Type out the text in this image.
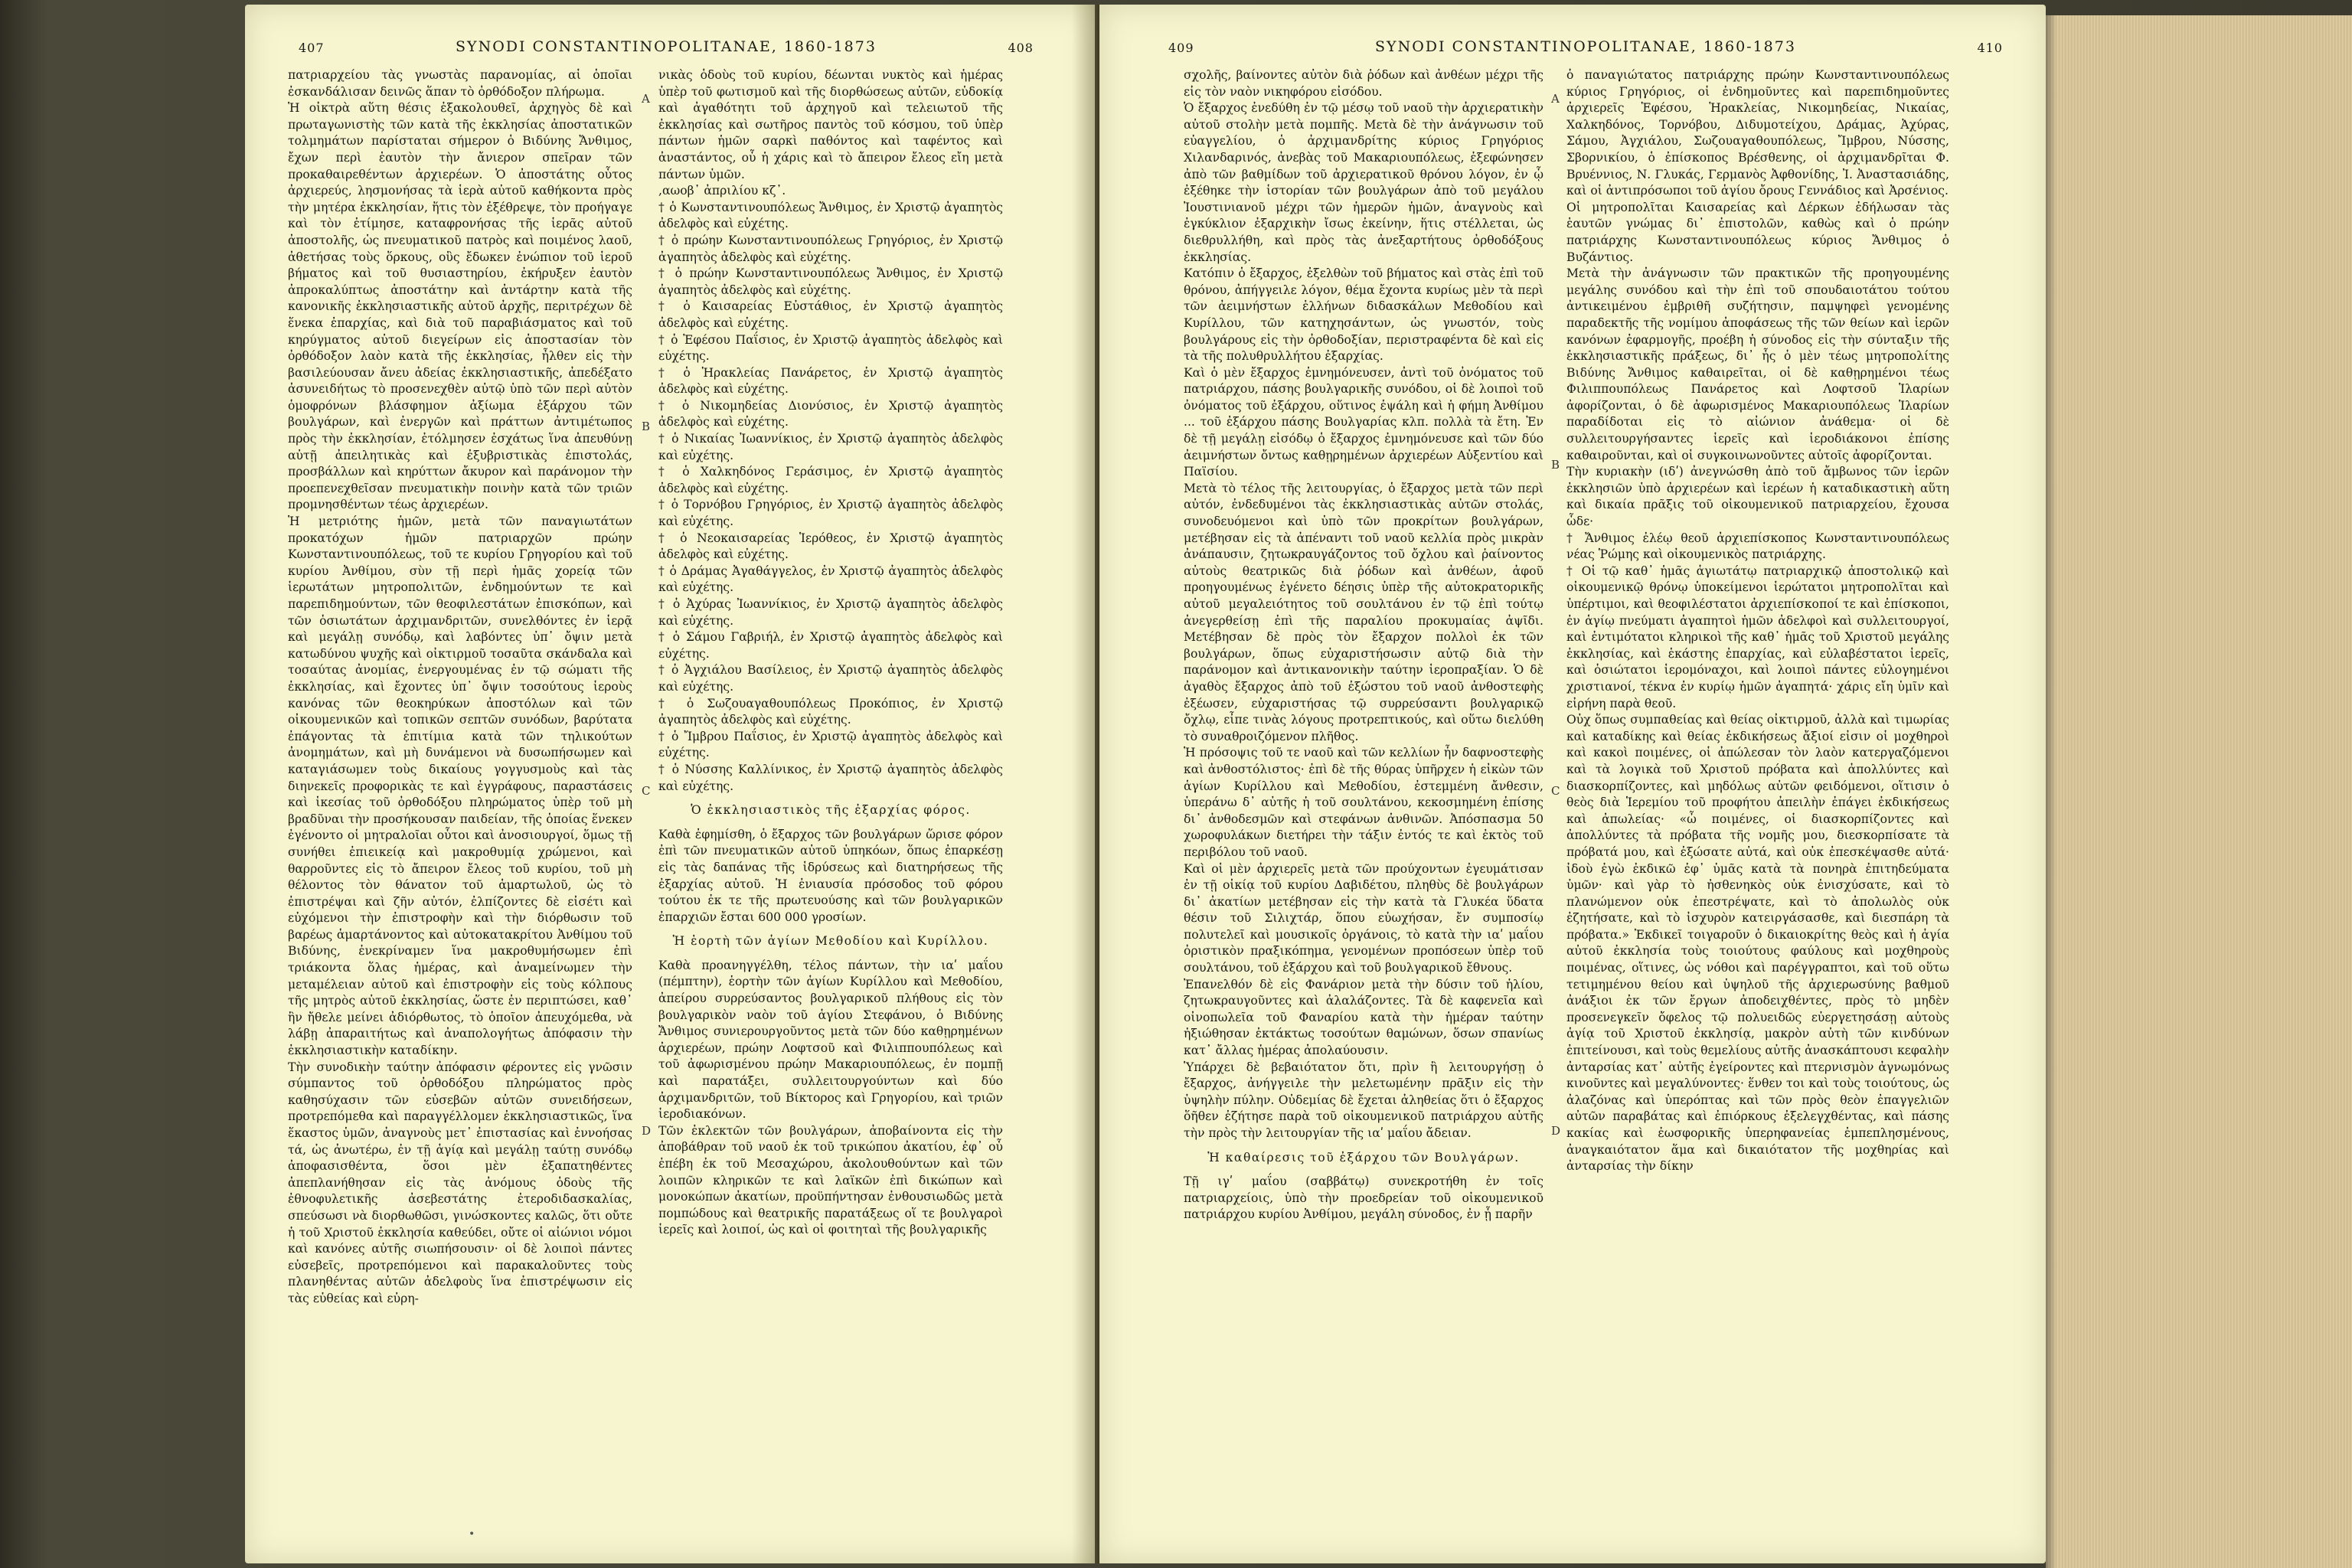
407	SYNODI CONSTANTINOPOLITANAE, 1860-1873	408
πατριαρχείου τὰς γνωστὰς παρανομίας, αἱ ὁποῖαι ἐσκανδάλισαν δεινῶς ἅπαν τὸ ὀρθόδοξον πλήρωμα.
Ἡ οἰκτρὰ αὕτη θέσις ἐξακολουθεῖ, ἀρχηγὸς δὲ καὶ πρωταγωνιστὴς τῶν κατὰ τῆς ἐκκλησίας ἀποστατικῶν τολμημάτων παρίσταται σήμερον ὁ Βιδύνης Ἄνθιμος, ἔχων περὶ ἑαυτὸν τὴν ἄνιερον σπεῖραν τῶν προκαθαιρεθέντων ἀρχιερέων. Ὁ ἀποστάτης οὗτος ἀρχιερεύς, λησμονήσας τὰ ἱερὰ αὐτοῦ καθήκοντα πρὸς τὴν μητέρα ἐκκλησίαν, ἥτις τὸν ἐξέθρεψε, τὸν προήγαγε καὶ τὸν ἐτίμησε, καταφρονήσας τῆς ἱερᾶς αὐτοῦ ἀποστολῆς, ὡς πνευματικοῦ πατρὸς καὶ ποιμένος λαοῦ, ἀθετήσας τοὺς ὅρκους, οὓς ἔδωκεν ἐνώπιον τοῦ ἱεροῦ βήματος καὶ τοῦ θυσιαστηρίου, ἐκήρυξεν ἑαυτὸν ἀπροκαλύπτως ἀποστάτην καὶ ἀντάρτην κατὰ τῆς κανονικῆς ἐκκλησιαστικῆς αὐτοῦ ἀρχῆς, περιτρέχων δὲ ἕνεκα ἐπαρχίας, καὶ διὰ τοῦ παραβιάσματος καὶ τοῦ κηρύγματος αὐτοῦ διεγείρων εἰς ἀποστασίαν τὸν ὀρθόδοξον λαὸν κατὰ τῆς ἐκκλησίας, ἦλθεν εἰς τὴν βασιλεύουσαν ἄνευ ἀδείας ἐκκλησιαστικῆς, ἀπεδέξατο ἀσυνειδήτως τὸ προσενεχθὲν αὐτῷ ὑπὸ τῶν περὶ αὐτὸν ὁμοφρόνων βλάσφημον ἀξίωμα ἐξάρχου τῶν βουλγάρων, καὶ ἐνεργῶν καὶ πράττων ἀντιμέτωπος πρὸς τὴν ἐκκλησίαν, ἐτόλμησεν ἐσχάτως ἵνα ἀπευθύνῃ αὐτῇ ἀπειλητικὰς καὶ ἐξυβριστικὰς ἐπιστολάς, προσβάλλων καὶ κηρύττων ἄκυρον καὶ παράνομον τὴν προεπενεχθεῖσαν πνευματικὴν ποινὴν κατὰ τῶν τριῶν προμνησθέντων τέως ἀρχιερέων.
Ἡ μετριότης ἡμῶν, μετὰ τῶν παναγιωτάτων προκατόχων ἡμῶν πατριαρχῶν πρώην Κωνσταντινουπόλεως, τοῦ τε κυρίου Γρηγορίου καὶ τοῦ κυρίου Ἀνθίμου, σὺν τῇ περὶ ἡμᾶς χορείᾳ τῶν ἱερωτάτων μητροπολιτῶν, ἐνδημούντων τε καὶ παρεπιδημούντων, τῶν θεοφιλεστάτων ἐπισκόπων, καὶ τῶν ὁσιωτάτων ἀρχιμανδριτῶν, συνελθόντες ἐν ἱερᾷ καὶ μεγάλῃ συνόδῳ, καὶ λαβόντες ὑπ᾽ ὄψιν μετὰ κατωδύνου ψυχῆς καὶ οἰκτιρμοῦ τοσαῦτα σκάνδαλα καὶ τοσαύτας ἀνομίας, ἐνεργουμένας ἐν τῷ σώματι τῆς ἐκκλησίας, καὶ ἔχοντες ὑπ᾽ ὄψιν τοσούτους ἱεροὺς κανόνας τῶν θεοκηρύκων ἀποστόλων καὶ τῶν οἰκουμενικῶν καὶ τοπικῶν σεπτῶν συνόδων, βαρύτατα ἐπάγοντας τὰ ἐπιτίμια κατὰ τῶν τηλικούτων ἀνομημάτων, καὶ μὴ δυνάμενοι νὰ δυσωπήσωμεν καὶ καταγιάσωμεν τοὺς δικαίους γογγυσμοὺς καὶ τὰς διηνεκεῖς προφορικὰς τε καὶ ἐγγράφους, παραστάσεις καὶ ἱκεσίας τοῦ ὀρθοδόξου πληρώματος ὑπὲρ τοῦ μὴ βραδῦναι τὴν προσήκουσαν παιδείαν, τῆς ὁποίας ἕνεκεν ἐγένοντο οἱ μητραλοῖαι οὗτοι καὶ ἀνοσιουργοί, ὅμως τῇ συνήθει ἐπιεικείᾳ καὶ μακροθυμίᾳ χρώμενοι, καὶ θαρροῦντες εἰς τὸ ἄπειρον ἔλεος τοῦ κυρίου, τοῦ μὴ θέλοντος τὸν θάνατον τοῦ ἁμαρτωλοῦ, ὡς τὸ ἐπιστρέψαι καὶ ζῆν αὐτόν, ἐλπίζοντες δὲ εἰσέτι καὶ εὐχόμενοι τὴν ἐπιστροφὴν καὶ τὴν διόρθωσιν τοῦ βαρέως ἁμαρτάνοντος καὶ αὐτοκατακρίτου Ἀνθίμου τοῦ Βιδύνης, ἐνεκρίναμεν ἵνα μακροθυμήσωμεν ἐπὶ τριάκοντα ὅλας ἡμέρας, καὶ ἀναμείνωμεν τὴν μεταμέλειαν αὐτοῦ καὶ ἐπιστροφὴν εἰς τοὺς κόλπους τῆς μητρὸς αὐτοῦ ἐκκλησίας, ὥστε ἐν περιπτώσει, καθ᾽ ἣν ἤθελε μείνει ἀδιόρθωτος, τὸ ὁποῖον ἀπευχόμεθα, νὰ λάβῃ ἀπαραιτήτως καὶ ἀναπολογήτως ἀπόφασιν τὴν ἐκκλησιαστικὴν καταδίκην.
Τὴν συνοδικὴν ταύτην ἀπόφασιν φέροντες εἰς γνῶσιν σύμπαντος τοῦ ὀρθοδόξου πληρώματος πρὸς καθησύχασιν τῶν εὐσεβῶν αὐτῶν συνειδήσεων, προτρεπόμεθα καὶ παραγγέλλομεν ἐκκλησιαστικῶς, ἵνα ἕκαστος ὑμῶν, ἀναγνοὺς μετ᾽ ἐπιστασίας καὶ ἐννοήσας τά, ὡς ἀνωτέρω, ἐν τῇ ἁγίᾳ καὶ μεγάλῃ ταύτῃ συνόδῳ ἀποφασισθέντα, ὅσοι μὲν ἐξαπατηθέντες ἀπεπλανήθησαν εἰς τὰς ἀνόμους ὁδοὺς τῆς ἐθνοφυλετικῆς ἀσεβεστάτης ἑτεροδιδασκαλίας, σπεύσωσι νὰ διορθωθῶσι, γινώσκοντες καλῶς, ὅτι οὔτε ἡ τοῦ Χριστοῦ ἐκκλησία καθεύδει, οὔτε οἱ αἰώνιοι νόμοι καὶ κανόνες αὐτῆς σιωπήσουσιν· οἱ δὲ λοιποὶ πάντες εὐσεβεῖς, προτρεπόμενοι καὶ παρακαλοῦντες τοὺς πλανηθέντας αὐτῶν ἀδελφοὺς ἵνα ἐπιστρέψωσιν εἰς τὰς εὐθείας καὶ εὐρη-
νικὰς ὁδοὺς τοῦ κυρίου, δέωνται νυκτὸς καὶ ἡμέρας ὑπὲρ τοῦ φωτισμοῦ καὶ τῆς διορθώσεως αὐτῶν, εὐδοκίᾳ καὶ ἀγαθότητι τοῦ ἀρχηγοῦ καὶ τελειωτοῦ τῆς ἐκκλησίας καὶ σωτῆρος παντὸς τοῦ κόσμου, τοῦ ὑπὲρ πάντων ἡμῶν σαρκὶ παθόντος καὶ ταφέντος καὶ ἀναστάντος, οὗ ἡ χάρις καὶ τὸ ἄπειρον ἔλεος εἴη μετὰ πάντων ὑμῶν.
,αωοβ᾽ ἀπριλίου κζ᾽.
† ὁ Κωνσταντινουπόλεως Ἄνθιμος, ἐν Χριστῷ ἀγαπητὸς ἀδελφὸς καὶ εὐχέτης.
† ὁ πρώην Κωνσταντινουπόλεως Γρηγόριος, ἐν Χριστῷ ἀγαπητὸς ἀδελφὸς καὶ εὐχέτης.
† ὁ πρώην Κωνσταντινουπόλεως Ἄνθιμος, ἐν Χριστῷ ἀγαπητὸς ἀδελφὸς καὶ εὐχέτης.
† ὁ Καισαρείας Εὐστάθιος, ἐν Χριστῷ ἀγαπητὸς ἀδελφὸς καὶ εὐχέτης.
† ὁ Ἐφέσου Παΐσιος, ἐν Χριστῷ ἀγαπητὸς ἀδελφὸς καὶ εὐχέτης.
† ὁ Ἡρακλείας Πανάρετος, ἐν Χριστῷ ἀγαπητὸς ἀδελφὸς καὶ εὐχέτης.
† ὁ Νικομηδείας Διονύσιος, ἐν Χριστῷ ἀγαπητὸς ἀδελφὸς καὶ εὐχέτης.
† ὁ Νικαίας Ἰωαννίκιος, ἐν Χριστῷ ἀγαπητὸς ἀδελφὸς καὶ εὐχέτης.
† ὁ Χαλκηδόνος Γεράσιμος, ἐν Χριστῷ ἀγαπητὸς ἀδελφὸς καὶ εὐχέτης.
† ὁ Τορνόβου Γρηγόριος, ἐν Χριστῷ ἀγαπητὸς ἀδελφὸς καὶ εὐχέτης.
† ὁ Νεοκαισαρείας Ἱερόθεος, ἐν Χριστῷ ἀγαπητὸς ἀδελφὸς καὶ εὐχέτης.
† ὁ Δράμας Ἀγαθάγγελος, ἐν Χριστῷ ἀγαπητὸς ἀδελφὸς καὶ εὐχέτης.
† ὁ Ἀχύρας Ἰωαννίκιος, ἐν Χριστῷ ἀγαπητὸς ἀδελφὸς καὶ εὐχέτης.
† ὁ Σάμου Γαβριήλ, ἐν Χριστῷ ἀγαπητὸς ἀδελφὸς καὶ εὐχέτης.
† ὁ Ἀγχιάλου Βασίλειος, ἐν Χριστῷ ἀγαπητὸς ἀδελφὸς καὶ εὐχέτης.
† ὁ Σωζουαγαθουπόλεως Προκόπιος, ἐν Χριστῷ ἀγαπητὸς ἀδελφὸς καὶ εὐχέτης.
† ὁ Ἴμβρου Παΐσιος, ἐν Χριστῷ ἀγαπητὸς ἀδελφὸς καὶ εὐχέτης.
† ὁ Νύσσης Καλλίνικος, ἐν Χριστῷ ἀγαπητὸς ἀδελφὸς καὶ εὐχέτης.
Ὁ ἐκκλησιαστικὸς τῆς ἐξαρχίας φόρος.
Καθὰ ἐφημίσθη, ὁ ἔξαρχος τῶν βουλγάρων ὥρισε φόρον ἐπὶ τῶν πνευματικῶν αὐτοῦ ὑπηκόων, ὅπως ἐπαρκέσῃ εἰς τὰς δαπάνας τῆς ἱδρύσεως καὶ διατηρήσεως τῆς ἐξαρχίας αὐτοῦ. Ἡ ἐνιαυσία πρόσοδος τοῦ φόρου τούτου ἐκ τε τῆς πρωτευούσης καὶ τῶν βουλγαρικῶν ἐπαρχιῶν ἔσται 600 000 γροσίων.
Ἡ ἑορτὴ τῶν ἁγίων Μεθοδίου καὶ Κυρίλλου.
Καθὰ προανηγγέλθη, τέλος πάντων, τὴν ιαʹ μαΐου (πέμπτην), ἑορτὴν τῶν ἁγίων Κυρίλλου καὶ Μεθοδίου, ἀπείρου συρρεύσαντος βουλγαρικοῦ πλήθους εἰς τὸν βουλγαρικὸν ναὸν τοῦ ἁγίου Στεφάνου, ὁ Βιδύνης Ἄνθιμος συνιερουργοῦντος μετὰ τῶν δύο καθῃρημένων ἀρχιερέων, πρώην Λοφτσοῦ καὶ Φιλιππουπόλεως καὶ τοῦ ἀφωρισμένου πρώην Μακαριουπόλεως, ἐν πομπῇ καὶ παρατάξει, συλλειτουργούντων καὶ δύο ἀρχιμανδριτῶν, τοῦ Βίκτορος καὶ Γρηγορίου, καὶ τριῶν ἱεροδιακόνων.
Τῶν ἐκλεκτῶν τῶν βουλγάρων, ἀποβαίνοντα εἰς τὴν ἀποβάθραν τοῦ ναοῦ ἐκ τοῦ τρικώπου ἀκατίου, ἐφ᾽ οὗ ἐπέβη ἐκ τοῦ Μεσαχώρου, ἀκολουθούντων καὶ τῶν λοιπῶν κληρικῶν τε καὶ λαϊκῶν ἐπὶ δικώπων καὶ μονοκώπων ἀκατίων, προϋπήντησαν ἐνθουσιωδῶς μετὰ πομπώδους καὶ θεατρικῆς παρατάξεως οἵ τε βουλγαροὶ ἱερεῖς καὶ λοιποί, ὡς καὶ οἱ φοιτηταὶ τῆς βουλγαρικῆς
A
B
C
D
•
409	SYNODI CONSTANTINOPOLITANAE, 1860-1873	410
σχολῆς, βαίνοντες αὐτὸν διὰ ῥόδων καὶ ἀνθέων μέχρι τῆς εἰς τὸν ναὸν νικηφόρου εἰσόδου.
Ὁ ἔξαρχος ἐνεδύθη ἐν τῷ μέσῳ τοῦ ναοῦ τὴν ἀρχιερατικὴν αὐτοῦ στολὴν μετὰ πομπῆς. Μετὰ δὲ τὴν ἀνάγνωσιν τοῦ εὐαγγελίου, ὁ ἀρχιμανδρίτης κύριος Γρηγόριος Χιλανδαρινός, ἀνεβὰς τοῦ Μακαριουπόλεως, ἐξεφώνησεν ἀπὸ τῶν βαθμίδων τοῦ ἀρχιερατικοῦ θρόνου λόγον, ἐν ᾧ ἐξέθηκε τὴν ἱστορίαν τῶν βουλγάρων ἀπὸ τοῦ μεγάλου Ἰουστινιανοῦ μέχρι τῶν ἡμερῶν ἡμῶν, ἀναγνοὺς καὶ ἐγκύκλιον ἐξαρχικὴν ἴσως ἐκείνην, ἥτις στέλλεται, ὡς διεθρυλλήθη, καὶ πρὸς τὰς ἀνεξαρτήτους ὀρθοδόξους ἐκκλησίας.
Κατόπιν ὁ ἔξαρχος, ἐξελθὼν τοῦ βήματος καὶ στὰς ἐπὶ τοῦ θρόνου, ἀπήγγειλε λόγον, θέμα ἔχοντα κυρίως μὲν τὰ περὶ τῶν ἀειμνήστων ἑλλήνων διδασκάλων Μεθοδίου καὶ Κυρίλλου, τῶν κατηχησάντων, ὡς γνωστόν, τοὺς βουλγάρους εἰς τὴν ὀρθοδοξίαν, περιστραφέντα δὲ καὶ εἰς τὰ τῆς πολυθρυλλήτου ἐξαρχίας.
Καὶ ὁ μὲν ἔξαρχος ἐμνημόνευσεν, ἀντὶ τοῦ ὀνόματος τοῦ πατριάρχου, πάσης βουλγαρικῆς συνόδου, οἱ δὲ λοιποὶ τοῦ ὀνόματος τοῦ ἐξάρχου, οὕτινος ἐψάλη καὶ ἡ φήμη Ἀνθίμου ... τοῦ ἐξάρχου πάσης Βουλγαρίας κλπ. πολλὰ τὰ ἔτη. Ἐν δὲ τῇ μεγάλῃ εἰσόδῳ ὁ ἔξαρχος ἐμνημόνευσε καὶ τῶν δύο ἀειμνήστων ὄντως καθῃρημένων ἀρχιερέων Αὐξεντίου καὶ Παϊσίου.
Μετὰ τὸ τέλος τῆς λειτουργίας, ὁ ἔξαρχος μετὰ τῶν περὶ αὐτόν, ἐνδεδυμένοι τὰς ἐκκλησιαστικὰς αὐτῶν στολάς, συνοδευόμενοι καὶ ὑπὸ τῶν προκρίτων βουλγάρων, μετέβησαν εἰς τὰ ἀπέναντι τοῦ ναοῦ κελλία πρὸς μικρὰν ἀνάπαυσιν, ζητωκραυγάζοντος τοῦ ὄχλου καὶ ῥαίνοντος αὐτοὺς θεατρικῶς διὰ ῥόδων καὶ ἀνθέων, ἀφοῦ προηγουμένως ἐγένετο δέησις ὑπὲρ τῆς αὐτοκρατορικῆς αὐτοῦ μεγαλειότητος τοῦ σουλτάνου ἐν τῷ ἐπὶ τούτῳ ἀνεγερθείσῃ ἐπὶ τῆς παραλίου προκυμαίας ἀψῖδι. Μετέβησαν δὲ πρὸς τὸν ἔξαρχον πολλοὶ ἐκ τῶν βουλγάρων, ὅπως εὐχαριστήσωσιν αὐτῷ διὰ τὴν παράνομον καὶ ἀντικανονικὴν ταύτην ἱεροπραξίαν. Ὁ δὲ ἀγαθὸς ἔξαρχος ἀπὸ τοῦ ἐξώστου τοῦ ναοῦ ἀνθοστεφὴς ἐξέωσεν, εὐχαριστήσας τῷ συρρεύσαντι βουλγαρικῷ ὄχλῳ, εἶπε τινὰς λόγους προτρεπτικούς, καὶ οὕτω διελύθη τὸ συναθροιζόμενον πλῆθος.
Ἡ πρόσοψις τοῦ τε ναοῦ καὶ τῶν κελλίων ἦν δαφνοστεφὴς καὶ ἀνθοστόλιστος· ἐπὶ δὲ τῆς θύρας ὑπῆρχεν ἡ εἰκὼν τῶν ἁγίων Κυρίλλου καὶ Μεθοδίου, ἐστεμμένη ἄνθεσιν, ὑπεράνω δ᾽ αὐτῆς ἡ τοῦ σουλτάνου, κεκοσμημένη ἐπίσης δι᾽ ἀνθοδεσμῶν καὶ στεφάνων ἀνθινῶν. Ἀπόσπασμα 50 χωροφυλάκων διετήρει τὴν τάξιν ἐντός τε καὶ ἐκτὸς τοῦ περιβόλου τοῦ ναοῦ.
Καὶ οἱ μὲν ἀρχιερεῖς μετὰ τῶν προύχοντων ἐγευμάτισαν ἐν τῇ οἰκίᾳ τοῦ κυρίου Δαβιδέτου, πληθὺς δὲ βουλγάρων δι᾽ ἀκατίων μετέβησαν εἰς τὴν κατὰ τὰ Γλυκέα ὕδατα θέσιν τοῦ Σιλιχτάρ, ὅπου εὐωχήσαν, ἔν συμποσίῳ πολυτελεῖ καὶ μουσικοῖς ὀργάνοις, τὸ κατὰ τὴν ιαʹ μαΐου ὀριστικὸν πραξικόπημα, γενομένων προπόσεων ὑπὲρ τοῦ σουλτάνου, τοῦ ἐξάρχου καὶ τοῦ βουλγαρικοῦ ἔθνους.
Ἐπανελθόν δὲ εἰς Φανάριον μετὰ τὴν δύσιν τοῦ ἡλίου, ζητωκραυγοῦντες καὶ ἀλαλάζοντες. Τὰ δὲ καφενεῖα καὶ οἰνοπωλεῖα τοῦ Φαναρίου κατὰ τὴν ἡμέραν ταύτην ἠξιώθησαν ἐκτάκτως τοσούτων θαμώνων, ὅσων σπανίως κατ᾽ ἄλλας ἡμέρας ἀπολαύουσιν.
Ὑπάρχει δὲ βεβαιότατον ὅτι, πρὶν ἢ λειτουργήσῃ ὁ ἔξαρχος, ἀνήγγειλε τὴν μελετωμένην πρᾶξιν εἰς τὴν ὑψηλὴν πύλην. Οὐδεμίας δὲ ἔχεται ἀληθείας ὅτι ὁ ἔξαρχος ὅῆθεν ἐζήτησε παρὰ τοῦ οἰκουμενικοῦ πατριάρχου αὐτῆς τὴν πρὸς τὴν λειτουργίαν τῆς ιαʹ μαΐου ἄδειαν.
Ἡ καθαίρεσις τοῦ ἐξάρχου τῶν Βουλγάρων.
Τῇ ιγʹ μαΐου (σαββάτῳ) συνεκροτήθη ἐν τοῖς πατριαρχείοις, ὑπὸ τὴν προεδρείαν τοῦ οἰκουμενικοῦ πατριάρχου κυρίου Ἀνθίμου, μεγάλη σύνοδος, ἐν ᾗ παρῆν
ὁ παναγιώτατος πατριάρχης πρώην Κωνσταντινουπόλεως κύριος Γρηγόριος, οἱ ἐνδημοῦντες καὶ παρεπιδημοῦντες ἀρχιερεῖς Ἐφέσου, Ἡρακλείας, Νικομηδείας, Νικαίας, Χαλκηδόνος, Τορνόβου, Διδυμοτείχου, Δράμας, Ἀχύρας, Σάμου, Ἀγχιάλου, Σωζουαγαθουπόλεως, Ἴμβρου, Νύσσης, Σβορνικίου, ὁ ἐπίσκοπος Βρέσθενης, οἱ ἀρχιμανδρῖται Φ. Βρυέννιος, Ν. Γλυκάς, Γερμανὸς Ἀφθονίδης, Ἰ. Ἀναστασιάδης, καὶ οἱ ἀντιπρόσωποι τοῦ ἁγίου ὄρους Γεννάδιος καὶ Ἀρσένιος.
Οἱ μητροπολῖται Καισαρείας καὶ Δέρκων ἐδήλωσαν τὰς ἑαυτῶν γνώμας δι᾽ ἐπιστολῶν, καθὼς καὶ ὁ πρώην πατριάρχης Κωνσταντινουπόλεως κύριος Ἄνθιμος ὁ Βυζάντιος.
Μετὰ τὴν ἀνάγνωσιν τῶν πρακτικῶν τῆς προηγουμένης μεγάλης συνόδου καὶ τὴν ἐπὶ τοῦ σπουδαιοτάτου τούτου ἀντικειμένου ἐμβριθῆ συζήτησιν, παμψηφεὶ γενομένης παραδεκτῆς τῆς νομίμου ἀποφάσεως τῆς τῶν θείων καὶ ἱερῶν κανόνων ἐφαρμογῆς, προέβη ἡ σύνοδος εἰς τὴν σύνταξιν τῆς ἐκκλησιαστικῆς πράξεως, δι᾽ ἧς ὁ μὲν τέως μητροπολίτης Βιδύνης Ἄνθιμος καθαιρεῖται, οἱ δὲ καθῃρημένοι τέως Φιλιππουπόλεως Πανάρετος καὶ Λοφτσοῦ Ἱλαρίων ἀφορίζονται, ὁ δὲ ἀφωρισμένος Μακαριουπόλεως Ἱλαρίων παραδίδοται εἰς τὸ αἰώνιον ἀνάθεμα· οἱ δὲ συλλειτουργήσαντες ἱερεῖς καὶ ἱεροδιάκονοι ἐπίσης καθαιροῦνται, καὶ οἱ συγκοινωνοῦντες αὐτοῖς ἀφορίζονται.
Τὴν κυριακὴν (ιδʹ) ἀνεγνώσθη ἀπὸ τοῦ ἄμβωνος τῶν ἱερῶν ἐκκλησιῶν ὑπὸ ἀρχιερέων καὶ ἱερέων ἡ καταδικαστικὴ αὕτη καὶ δικαία πρᾶξις τοῦ οἰκουμενικοῦ πατριαρχείου, ἔχουσα ὧδε·
† Ἄνθιμος ἐλέῳ θεοῦ ἀρχιεπίσκοπος Κωνσταντινουπόλεως νέας Ῥώμης καὶ οἰκουμενικὸς πατριάρχης.
† Οἱ τῷ καθ᾽ ἡμᾶς ἁγιωτάτῳ πατριαρχικῷ ἀποστολικῷ καὶ οἰκουμενικῷ θρόνῳ ὑποκείμενοι ἱερώτατοι μητροπολῖται καὶ ὑπέρτιμοι, καὶ θεοφιλέστατοι ἀρχιεπίσκοποί τε καὶ ἐπίσκοποι, ἐν ἁγίῳ πνεύματι ἀγαπητοὶ ἡμῶν ἀδελφοὶ καὶ συλλειτουργοί, καὶ ἐντιμότατοι κληρικοὶ τῆς καθ᾽ ἡμᾶς τοῦ Χριστοῦ μεγάλης ἐκκλησίας, καὶ ἑκάστης ἐπαρχίας, καὶ εὐλαβέστατοι ἱερεῖς, καὶ ὁσιώτατοι ἱερομόναχοι, καὶ λοιποὶ πάντες εὐλογημένοι χριστιανοί, τέκνα ἐν κυρίῳ ἡμῶν ἀγαπητά· χάρις εἴη ὑμῖν καὶ εἰρήνη παρὰ θεοῦ.
Οὐχ ὅπως συμπαθείας καὶ θείας οἰκτιρμοῦ, ἀλλὰ καὶ τιμωρίας καὶ καταδίκης καὶ θείας ἐκδικήσεως ἄξιοί εἰσιν οἱ μοχθηροὶ καὶ κακοὶ ποιμένες, οἱ ἀπώλεσαν τὸν λαὸν κατεργαζόμενοι καὶ τὰ λογικὰ τοῦ Χριστοῦ πρόβατα καὶ ἀπολλύντες καὶ διασκορπίζοντες, καὶ μηδόλως αὐτῶν φειδόμενοι, οἵτισιν ὁ θεὸς διὰ Ἱερεμίου τοῦ προφήτου ἀπειλὴν ἐπάγει ἐκδικήσεως καὶ ἀπωλείας· «ὦ ποιμένες, οἱ διασκορπίζοντες καὶ ἀπολλύντες τὰ πρόβατα τῆς νομῆς μου, διεσκορπίσατε τὰ πρόβατά μου, καὶ ἐξώσατε αὐτά, καὶ οὐκ ἐπεσκέψασθε αὐτά· ἰδοὺ ἐγὼ ἐκδικῶ ἐφ᾽ ὑμᾶς κατὰ τὰ πονηρὰ ἐπιτηδεύματα ὑμῶν· καὶ γὰρ τὸ ἠσθενηκὸς οὐκ ἐνισχύσατε, καὶ τὸ πλανώμενον οὐκ ἐπεστρέψατε, καὶ τὸ ἀπολωλὸς οὐκ ἐζητήσατε, καὶ τὸ ἰσχυρὸν κατειργάσασθε, καὶ διεσπάρη τὰ πρόβατα.» Ἐκδικεῖ τοιγαροῦν ὁ δικαιοκρίτης θεὸς καὶ ἡ ἁγία αὐτοῦ ἐκκλησία τοὺς τοιούτους φαύλους καὶ μοχθηροὺς ποιμένας, οἵτινες, ὡς νόθοι καὶ παρέγγραπτοι, καὶ τοῦ οὕτω τετιμημένου θείου καὶ ὑψηλοῦ τῆς ἀρχιερωσύνης βαθμοῦ ἀνάξιοι ἐκ τῶν ἔργων ἀποδειχθέντες, πρὸς τὸ μηδὲν προσενεγκεῖν ὄφελος τῷ πολυειδῶς εὐεργετησάσῃ αὐτοὺς ἁγίᾳ τοῦ Χριστοῦ ἐκκλησίᾳ, μακρὸν αὐτὴ τῶν κινδύνων ἐπιτείνουσι, καὶ τοὺς θεμελίους αὐτῆς ἀνασκάπτουσι κεφαλὴν ἀνταρσίας κατ᾽ αὐτῆς ἐγείροντες καὶ πτερνισμὸν ἀγνωμόνως κινοῦντες καὶ μεγαλύνοντες· ἕνθεν τοι καὶ τοὺς τοιούτους, ὡς ἀλαζόνας καὶ ὑπερόπτας καὶ τῶν πρὸς θεὸν ἐπαγγελιῶν αὐτῶν παραβάτας καὶ ἐπιόρκους ἐξελεγχθέντας, καὶ πάσης κακίας καὶ ἐωσφορικῆς ὑπερηφανείας ἐμπεπλησμένους, ἀναγκαιότατον ἅμα καὶ δικαιότατον τῆς μοχθηρίας καὶ ἀνταρσίας τὴν δίκην
A
B
C
D
